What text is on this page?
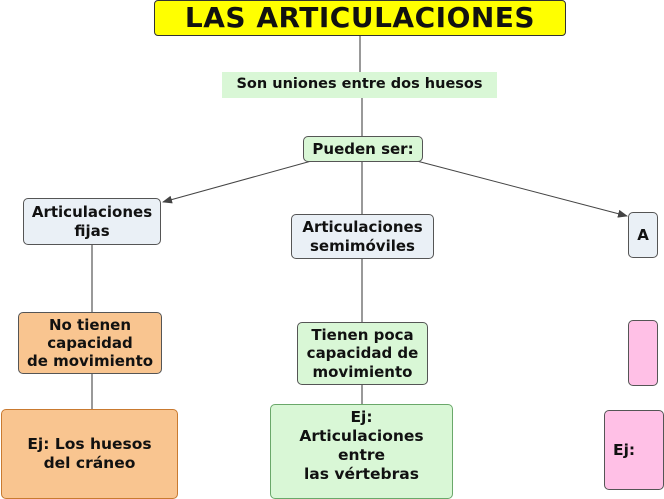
LAS ARTICULACIONES
Son uniones entre dos huesos
Pueden ser:
Articulaciones
fijas	Articulaciones
semimóviles
A
No tienen
capacidad
de movimiento
Tienen poca
capacidad de
movimiento
Ej: Los huesos
del cráneo
Ej:
Articulaciones
entre
las vértebras
Ej:
